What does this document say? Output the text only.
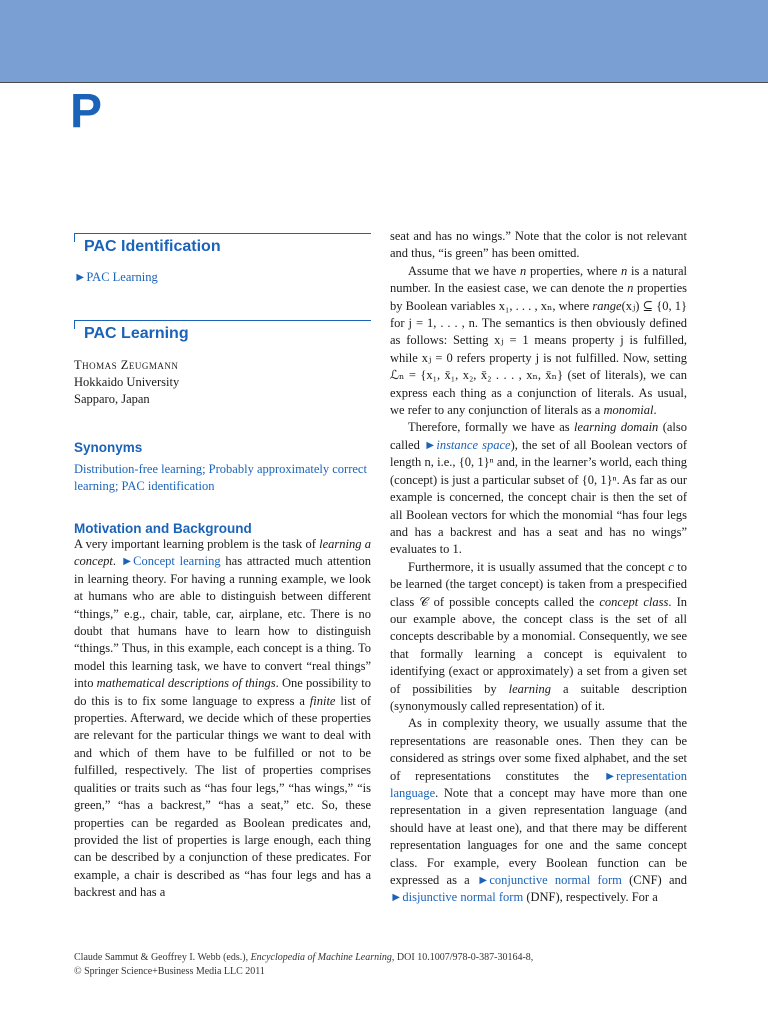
P
PAC Identification
►PAC Learning
PAC Learning
Thomas Zeugmann
Hokkaido University
Sapparo, Japan
Synonyms
Distribution-free learning; Probably approximately correct learning; PAC identification
Motivation and Background

A very important learning problem is the task of learning a concept. ►Concept learning has attracted much attention in learning theory. For having a running example, we look at humans who are able to distinguish between different “things,” e.g., chair, table, car, airplane, etc. There is no doubt that humans have to learn how to distinguish “things.” Thus, in this example, each concept is a thing. To model this learning task, we have to convert “real things” into mathematical descriptions of things. One possibility to do this is to fix some language to express a finite list of properties. Afterward, we decide which of these properties are relevant for the particular things we want to deal with and which of them have to be fulfilled or not to be fulfilled, respectively. The list of properties comprises qualities or traits such as “has four legs,” “has wings,” “is green,” “has a backrest,” “has a seat,” etc. So, these properties can be regarded as Boolean predicates and, provided the list of properties is large enough, each thing can be described by a conjunction of these predicates. For example, a chair is described as “has four legs and has a backrest and has a

seat and has no wings.” Note that the color is not relevant and thus, “is green” has been omitted.

Assume that we have n properties, where n is a natural number. In the easiest case, we can denote the n properties by Boolean variables x₁, . . . , xₙ, where range(xⱼ) ⊆ {0, 1} for j = 1, . . . , n. The semantics is then obviously defined as follows: Setting xⱼ = 1 means property j is fulfilled, while xⱼ = 0 refers property j is not fulfilled. Now, setting ℒₙ = {x₁, x̄₁, x₂, x̄₂ . . . , xₙ, x̄ₙ} (set of literals), we can express each thing as a conjunction of literals. As usual, we refer to any conjunction of literals as a monomial.

Therefore, formally we have as learning domain (also called ►instance space), the set of all Boolean vectors of length n, i.e., {0, 1}ⁿ and, in the learner’s world, each thing (concept) is just a particular subset of {0, 1}ⁿ. As far as our example is concerned, the concept chair is then the set of all Boolean vectors for which the monomial “has four legs and has a backrest and has a seat and has no wings” evaluates to 1.

Furthermore, it is usually assumed that the concept c to be learned (the target concept) is taken from a prespecified class 𝒞 of possible concepts called the concept class. In our example above, the concept class is the set of all concepts describable by a monomial. Consequently, we see that formally learning a concept is equivalent to identifying (exact or approximately) a set from a given set of possibilities by learning a suitable description (synonymously called representation) of it.

As in complexity theory, we usually assume that the representations are reasonable ones. Then they can be considered as strings over some fixed alphabet, and the set of representations constitutes the ►representation language. Note that a concept may have more than one representation in a given representation language (and should have at least one), and that there may be different representation languages for one and the same concept class. For example, every Boolean function can be expressed as a ►conjunctive normal form (CNF) and ►disjunctive normal form (DNF), respectively. For a

Claude Sammut & Geoffrey I. Webb (eds.), Encyclopedia of Machine Learning, DOI 10.1007/978-0-387-30164-8,
© Springer Science+Business Media LLC 2011
